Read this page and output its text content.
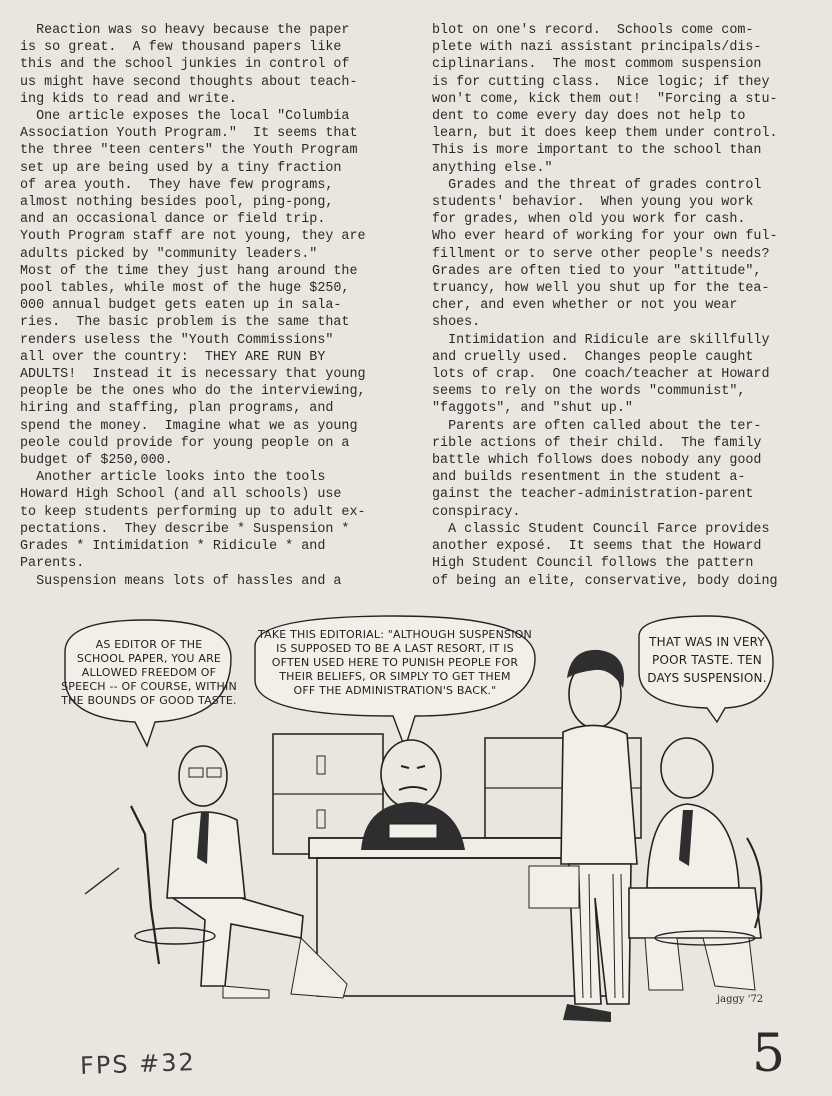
Reaction was so heavy because the paper
is so great.  A few thousand papers like
this and the school junkies in control of
us might have second thoughts about teach-
ing kids to read and write.
One article exposes the local "Columbia
Association Youth Program."  It seems that
the three "teen centers" the Youth Program
set up are being used by a tiny fraction
of area youth.  They have few programs,
almost nothing besides pool, ping-pong,
and an occasional dance or field trip.
Youth Program staff are not young, they are
adults picked by "community leaders."
Most of the time they just hang around the
pool tables, while most of the huge $250,
000 annual budget gets eaten up in sala-
ries.  The basic problem is the same that
renders useless the "Youth Commissions"
all over the country:  THEY ARE RUN BY
ADULTS!  Instead it is necessary that young
people be the ones who do the interviewing,
hiring and staffing, plan programs, and
spend the money.  Imagine what we as young
peole could provide for young people on a
budget of $250,000.
Another article looks into the tools
Howard High School (and all schools) use
to keep students performing up to adult ex-
pectations.  They describe * Suspension *
Grades * Intimidation * Ridicule * and
Parents.
Suspension means lots of hassles and a
blot on one's record.  Schools come com-
plete with nazi assistant principals/dis-
ciplinarians.  The most commom suspension
is for cutting class.  Nice logic; if they
won't come, kick them out!  "Forcing a stu-
dent to come every day does not help to
learn, but it does keep them under control.
This is more important to the school than
anything else."
Grades and the threat of grades control
students' behavior.  When young you work
for grades, when old you work for cash.
Who ever heard of working for your own ful-
fillment or to serve other people's needs?
Grades are often tied to your "attitude",
truancy, how well you shut up for the tea-
cher, and even whether or not you wear
shoes.
Intimidation and Ridicule are skillfully
and cruelly used.  Changes people caught
lots of crap.  One coach/teacher at Howard
seems to rely on the words "communist",
"faggots", and "shut up."
Parents are often called about the ter-
rible actions of their child.  The family
battle which follows does nobody any good
and builds resentment in the student a-
gainst the teacher-administration-parent
conspiracy.
A classic Student Council Farce provides
another exposé.  It seems that the Howard
High Student Council follows the pattern
of being an elite, conservative, body doing
AS EDITOR OF THE
SCHOOL PAPER, YOU ARE
ALLOWED FREEDOM OF
SPEECH -- OF COURSE, WITHIN
THE BOUNDS OF GOOD TASTE.
TAKE THIS EDITORIAL: "ALTHOUGH SUSPENSION
IS SUPPOSED TO BE A LAST RESORT, IT IS
OFTEN USED HERE TO PUNISH PEOPLE FOR
THEIR BELIEFS, OR SIMPLY TO GET THEM
OFF THE ADMINISTRATION'S BACK."
THAT WAS IN VERY
POOR TASTE. TEN
DAYS SUSPENSION.
jaggy '72
FPS #32	5
